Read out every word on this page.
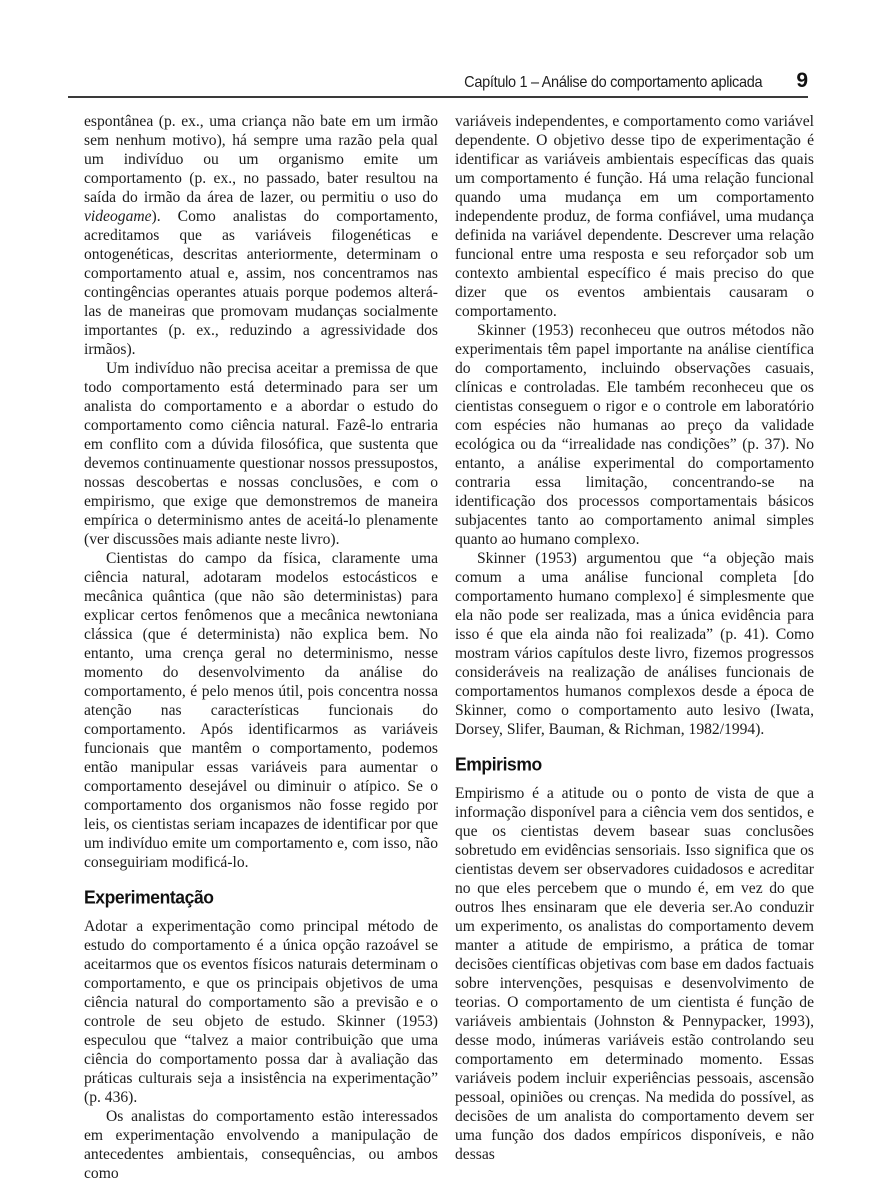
Capítulo 1 – Análise do comportamento aplicada 9

espontânea (p. ex., uma criança não bate em um irmão sem nenhum motivo), há sempre uma razão pela qual um indivíduo ou um organismo emite um comportamento (p. ex., no passado, bater resultou na saída do irmão da área de lazer, ou permitiu o uso do videogame). Como analistas do comportamento, acreditamos que as variáveis filogenéticas e ontogenéticas, descritas anteriormente, determinam o comportamento atual e, assim, nos concentramos nas contingências operantes atuais porque podemos alterá-las de maneiras que promovam mudanças socialmente importantes (p. ex., reduzindo a agressividade dos irmãos).

Um indivíduo não precisa aceitar a premissa de que todo comportamento está determinado para ser um analista do comportamento e a abordar o estudo do comportamento como ciência natural. Fazê-lo entraria em conflito com a dúvida filosófica, que sustenta que devemos continuamente questionar nossos pressupostos, nossas descobertas e nossas conclusões, e com o empirismo, que exige que demonstremos de maneira empírica o determinismo antes de aceitá-lo plenamente (ver discussões mais adiante neste livro).

Cientistas do campo da física, claramente uma ciência natural, adotaram modelos estocásticos e mecânica quântica (que não são deterministas) para explicar certos fenômenos que a mecânica newtoniana clássica (que é determinista) não explica bem. No entanto, uma crença geral no determinismo, nesse momento do desenvolvimento da análise do comportamento, é pelo menos útil, pois concentra nossa atenção nas características funcionais do comportamento. Após identificarmos as variáveis funcionais que mantêm o comportamento, podemos então manipular essas variáveis para aumentar o comportamento desejável ou diminuir o atípico. Se o comportamento dos organismos não fosse regido por leis, os cientistas seriam incapazes de identificar por que um indivíduo emite um comportamento e, com isso, não conseguiriam modificá-lo.

Experimentação

Adotar a experimentação como principal método de estudo do comportamento é a única opção razoável se aceitarmos que os eventos físicos naturais determinam o comportamento, e que os principais objetivos de uma ciência natural do comportamento são a previsão e o controle de seu objeto de estudo. Skinner (1953) especulou que “talvez a maior contribuição que uma ciência do comportamento possa dar à avaliação das práticas culturais seja a insistência na experimentação” (p. 436).

Os analistas do comportamento estão interessados em experimentação envolvendo a manipulação de antecedentes ambientais, consequências, ou ambos como

variáveis independentes, e comportamento como variável dependente. O objetivo desse tipo de experimentação é identificar as variáveis ambientais específicas das quais um comportamento é função. Há uma relação funcional quando uma mudança em um comportamento independente produz, de forma confiável, uma mudança definida na variável dependente. Descrever uma relação funcional entre uma resposta e seu reforçador sob um contexto ambiental específico é mais preciso do que dizer que os eventos ambientais causaram o comportamento.

Skinner (1953) reconheceu que outros métodos não experimentais têm papel importante na análise científica do comportamento, incluindo observações casuais, clínicas e controladas. Ele também reconheceu que os cientistas conseguem o rigor e o controle em laboratório com espécies não humanas ao preço da validade ecológica ou da “irrealidade nas condições” (p. 37). No entanto, a análise experimental do comportamento contraria essa limitação, concentrando-se na identificação dos processos comportamentais básicos subjacentes tanto ao comportamento animal simples quanto ao humano complexo.

Skinner (1953) argumentou que “a objeção mais comum a uma análise funcional completa [do comportamento humano complexo] é simplesmente que ela não pode ser realizada, mas a única evidência para isso é que ela ainda não foi realizada” (p. 41). Como mostram vários capítulos deste livro, fizemos progressos consideráveis na realização de análises funcionais de comportamentos humanos complexos desde a época de Skinner, como o comportamento auto lesivo (Iwata, Dorsey, Slifer, Bauman, & Richman, 1982/1994).

Empirismo

Empirismo é a atitude ou o ponto de vista de que a informação disponível para a ciência vem dos sentidos, e que os cientistas devem basear suas conclusões sobretudo em evidências sensoriais. Isso significa que os cientistas devem ser observadores cuidadosos e acreditar no que eles percebem que o mundo é, em vez do que outros lhes ensinaram que ele deveria ser.Ao conduzir um experimento, os analistas do comportamento devem manter a atitude de empirismo, a prática de tomar decisões científicas objetivas com base em dados factuais sobre intervenções, pesquisas e desenvolvimento de teorias. O comportamento de um cientista é função de variáveis ambientais (Johnston & Pennypacker, 1993), desse modo, inúmeras variáveis estão controlando seu comportamento em determinado momento. Essas variáveis podem incluir experiências pessoais, ascensão pessoal, opiniões ou crenças. Na medida do possível, as decisões de um analista do comportamento devem ser uma função dos dados empíricos disponíveis, e não dessas
